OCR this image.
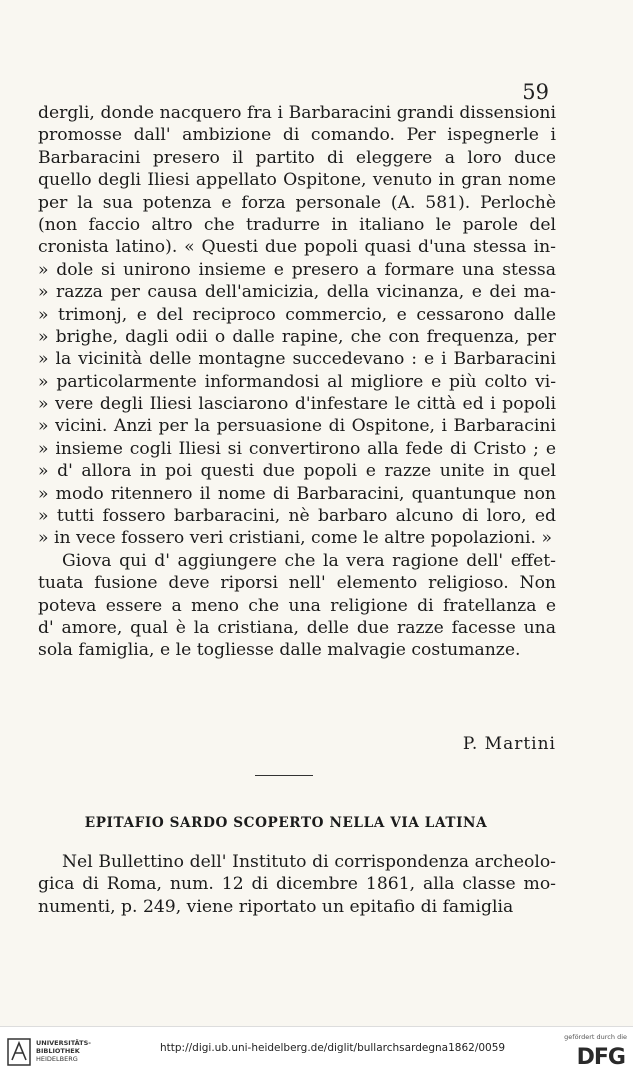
59
dergli, donde nacquero fra i Barbaracini grandi dissensioni
promosse dall' ambizione di comando. Per ispegnerle i
Barbaracini presero il partito di eleggere a loro duce
quello degli Iliesi appellato Ospitone, venuto in gran nome
per la sua potenza e forza personale (A. 581). Perlochè
(non faccio altro che tradurre in italiano le parole del
cronista latino). « Questi due popoli quasi d'una stessa in-
» dole si unirono insieme e presero a formare una stessa
» razza per causa dell'amicizia, della vicinanza, e dei ma-
» trimonj, e del reciproco commercio, e cessarono dalle
» brighe, dagli odii o dalle rapine, che con frequenza, per
» la vicinità delle montagne succedevano : e i Barbaracini
» particolarmente informandosi al migliore e più colto vi-
» vere degli Iliesi lasciarono d'infestare le città ed i popoli
» vicini. Anzi per la persuasione di Ospitone, i Barbaracini
» insieme cogli Iliesi si convertirono alla fede di Cristo ; e
» d' allora in poi questi due popoli e razze unite in quel
» modo ritennero il nome di Barbaracini, quantunque non
» tutti fossero barbaracini, nè barbaro alcuno di loro, ed
» in vece fossero veri cristiani, come le altre popolazioni. »
Giova qui d' aggiungere che la vera ragione dell' effet-
tuata fusione deve riporsi nell' elemento religioso. Non
poteva essere a meno che una religione di fratellanza e
d' amore, qual è la cristiana, delle due razze facesse una
sola famiglia, e le togliesse dalle malvagie costumanze.
P. Martini
EPITAFIO SARDO SCOPERTO NELLA VIA LATINA
Nel Bullettino dell' Instituto di corrispondenza archeolo-
gica di Roma, num. 12 di dicembre 1861, alla classe mo-
numenti, p. 249, viene riportato un epitafio di famiglia
UNIVERSITÄTS-
BIBLIOTHEK
HEIDELBERG
http://digi.ub.uni-heidelberg.de/diglit/bullarchsardegna1862/0059
gefördert durch die
DFG
